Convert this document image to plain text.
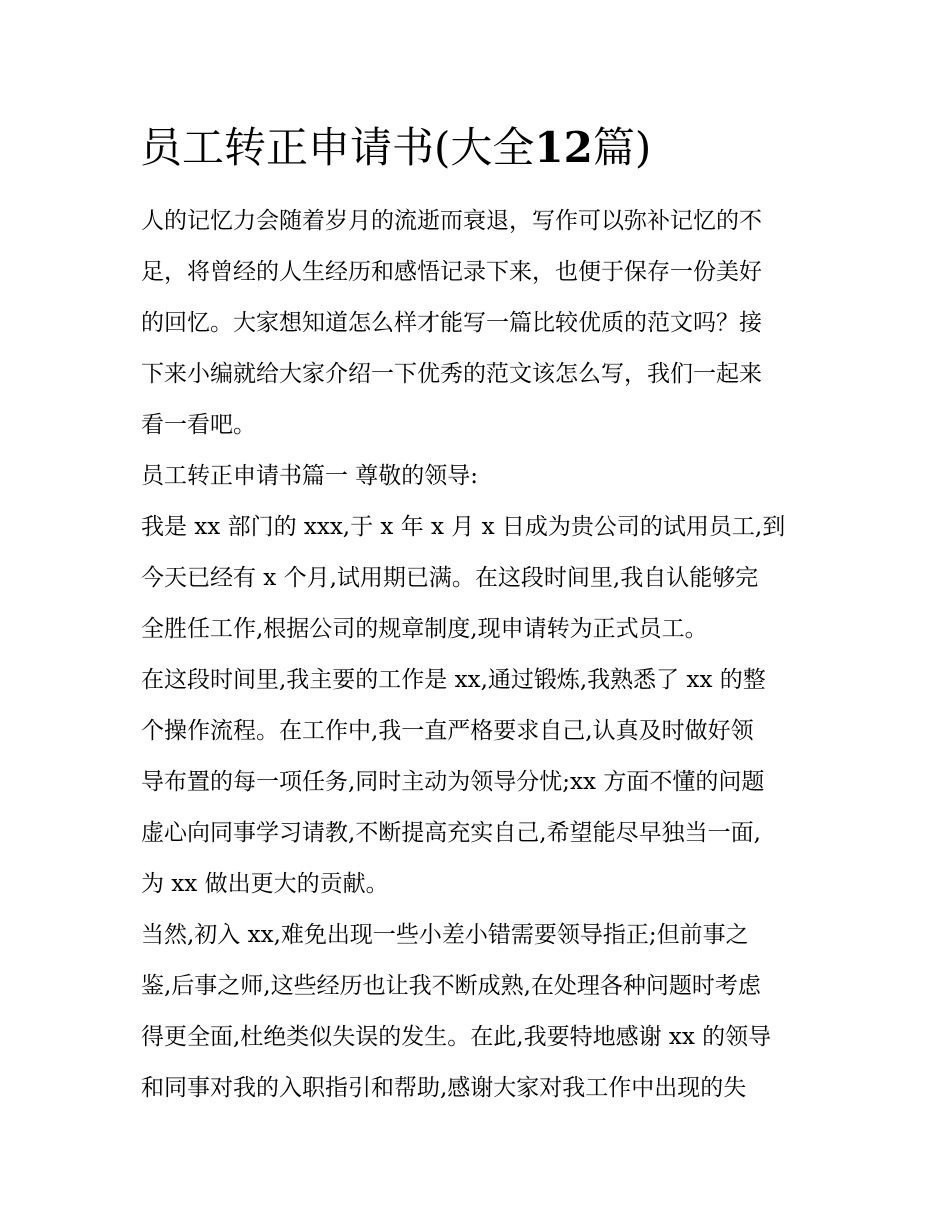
员工转正申请书(大全12篇)
人的记忆力会随着岁月的流逝而衰退，写作可以弥补记忆的不
足，将曾经的人生经历和感悟记录下来，也便于保存一份美好
的回忆。大家想知道怎么样才能写一篇比较优质的范文吗？接
下来小编就给大家介绍一下优秀的范文该怎么写，我们一起来
看一看吧。
员工转正申请书篇一 尊敬的领导:
我是 xx 部门的 xxx,于 x 年 x 月 x 日成为贵公司的试用员工,到
今天已经有 x 个月,试用期已满。在这段时间里,我自认能够完
全胜任工作,根据公司的规章制度,现申请转为正式员工。
在这段时间里,我主要的工作是 xx,通过锻炼,我熟悉了 xx 的整
个操作流程。在工作中,我一直严格要求自己,认真及时做好领
导布置的每一项任务,同时主动为领导分忧;xx 方面不懂的问题
虚心向同事学习请教,不断提高充实自己,希望能尽早独当一面,
为 xx 做出更大的贡献。
当然,初入 xx,难免出现一些小差小错需要领导指正;但前事之
鉴,后事之师,这些经历也让我不断成熟,在处理各种问题时考虑
得更全面,杜绝类似失误的发生。在此,我要特地感谢 xx 的领导
和同事对我的入职指引和帮助,感谢大家对我工作中出现的失
